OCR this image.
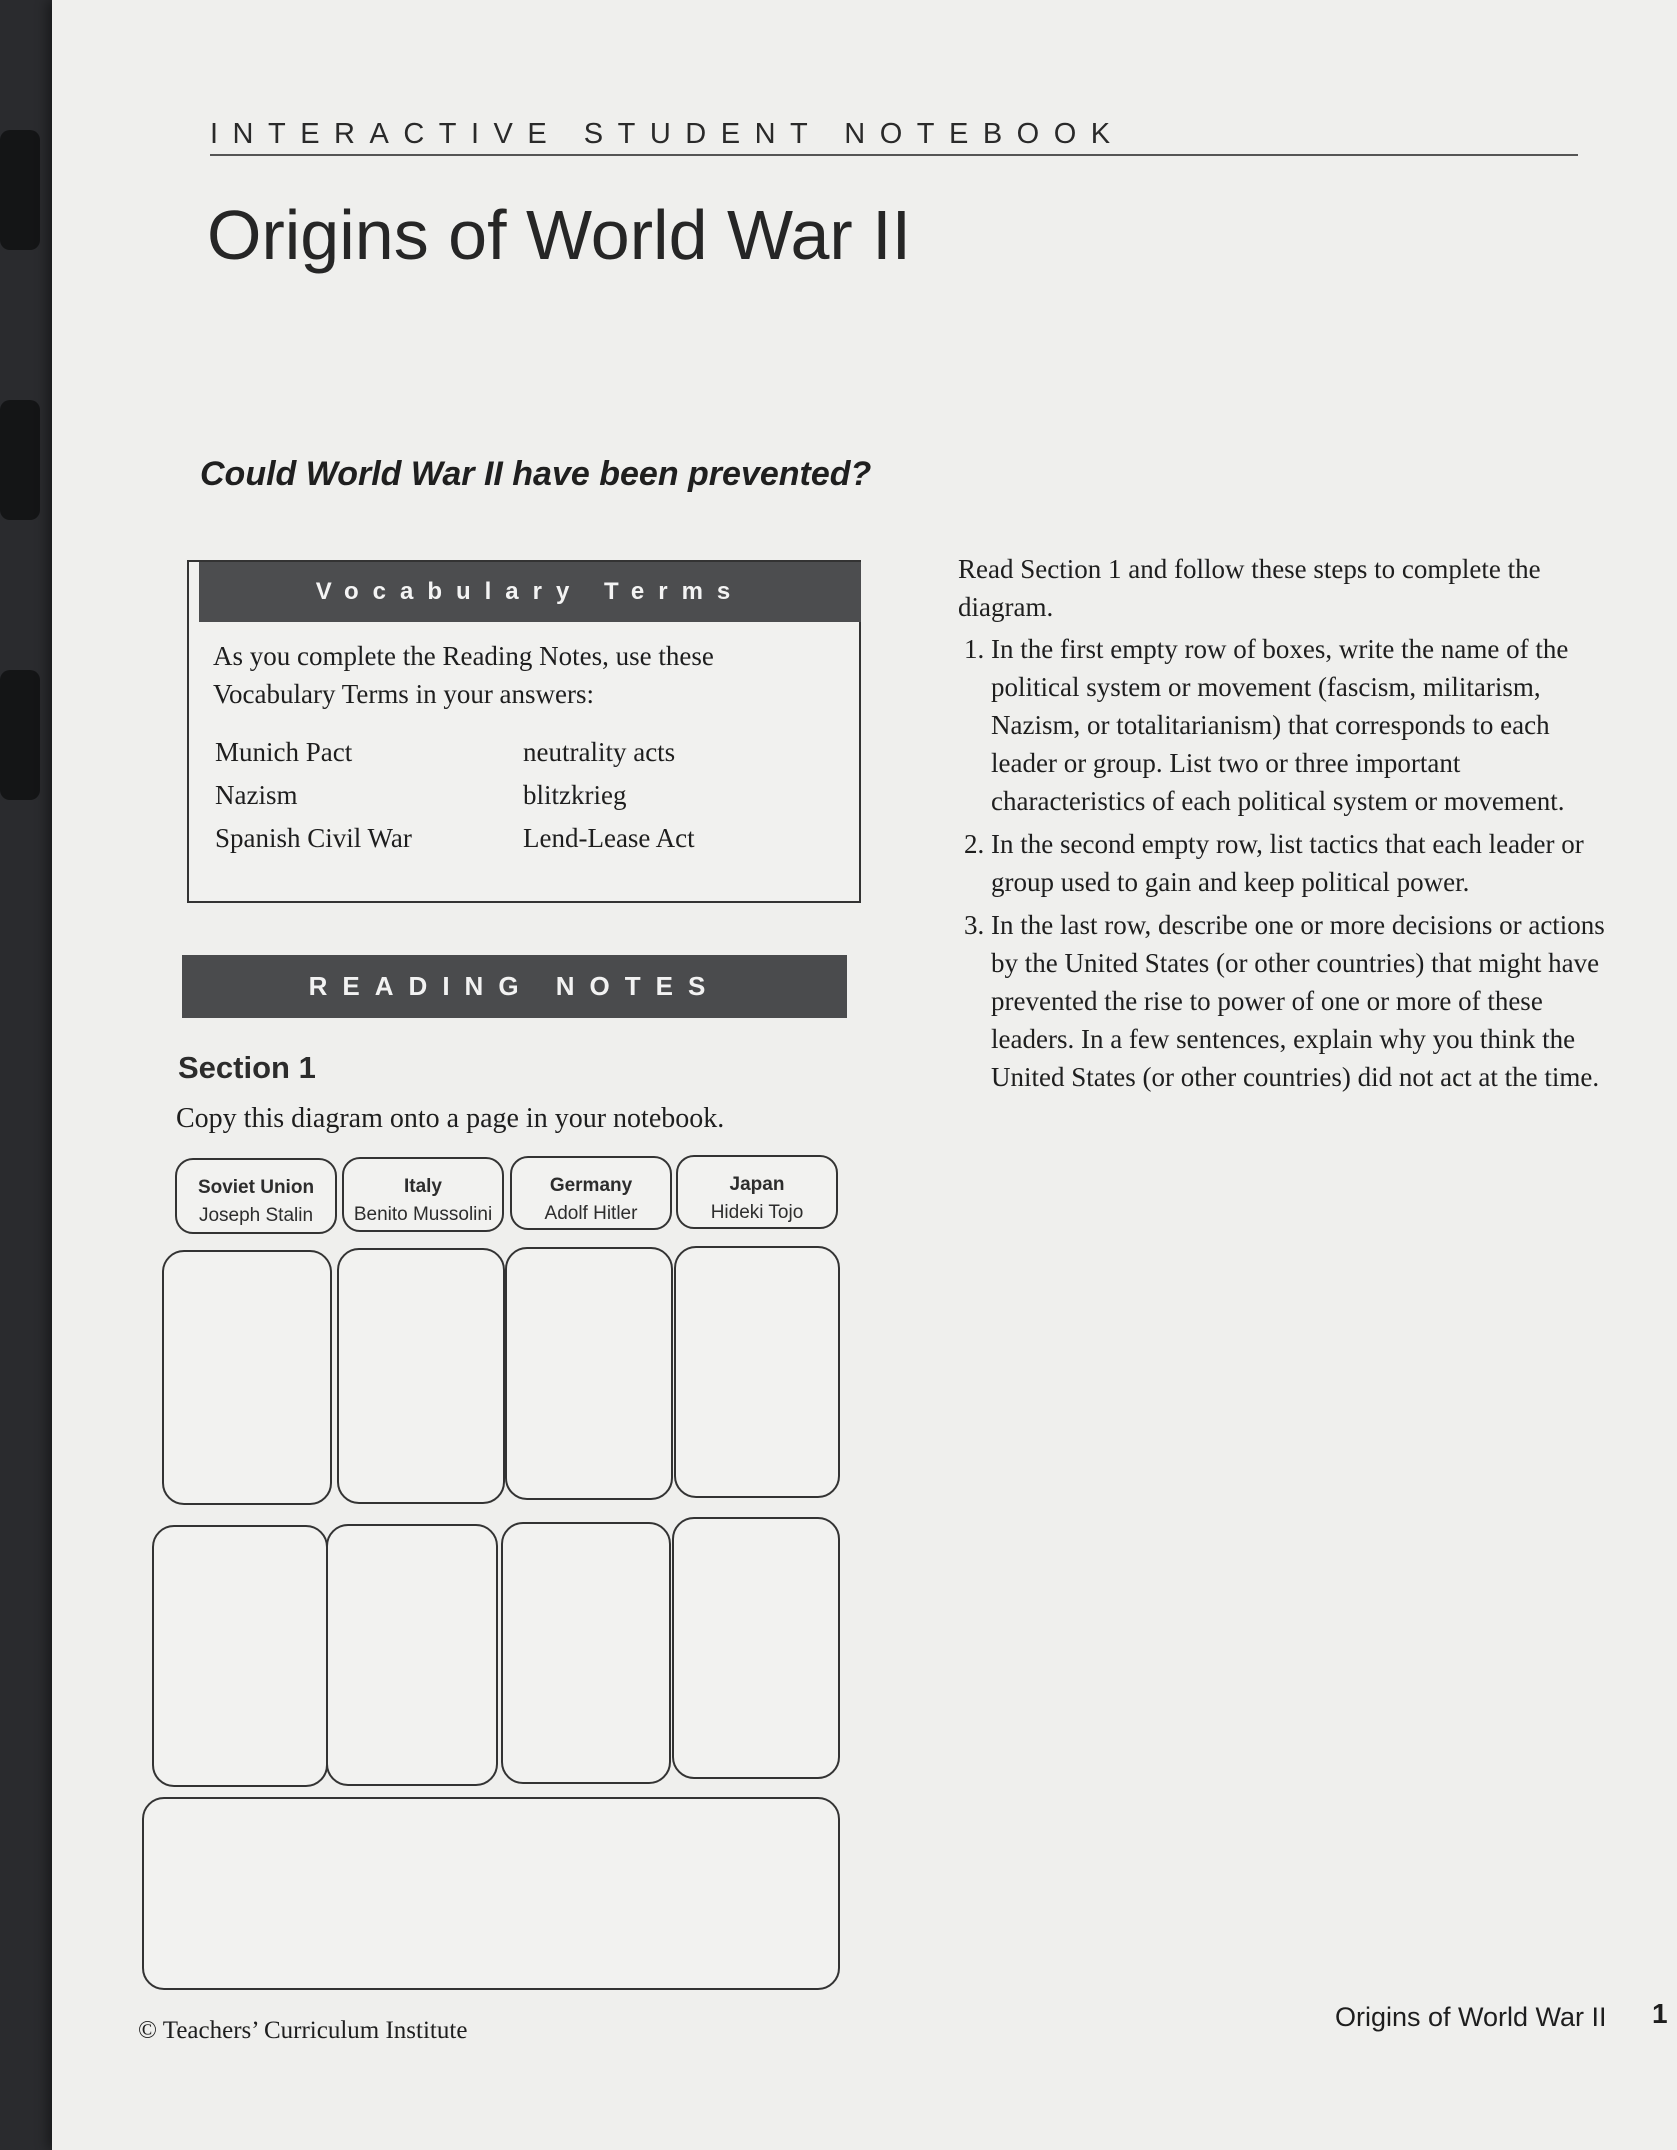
INTERACTIVE STUDENT NOTEBOOK
Origins of World War II
Could World War II have been prevented?
Vocabulary Terms
As you complete the Reading Notes, use these Vocabulary Terms in your answers:
Munich Pact	neutrality acts
Nazism	blitzkrieg
Spanish Civil War	Lend-Lease Act
READING NOTES
Section 1
Copy this diagram onto a page in your notebook.
Soviet Union
Joseph Stalin
Italy
Benito Mussolini
Germany
Adolf Hitler
Japan
Hideki Tojo

Read Section 1 and follow these steps to complete the diagram.

1. In the first empty row of boxes, write the name of the political system or movement (fascism, militarism, Nazism, or totalitarianism) that corresponds to each leader or group. List two or three important characteristics of each political system or movement.
2. In the second empty row, list tactics that each leader or group used to gain and keep political power.
3. In the last row, describe one or more decisions or actions by the United States (or other countries) that might have prevented the rise to power of one or more of these leaders. In a few sentences, explain why you think the United States (or other countries) did not act at the time.
© Teachers’ Curriculum Institute	Origins of World War II 1
